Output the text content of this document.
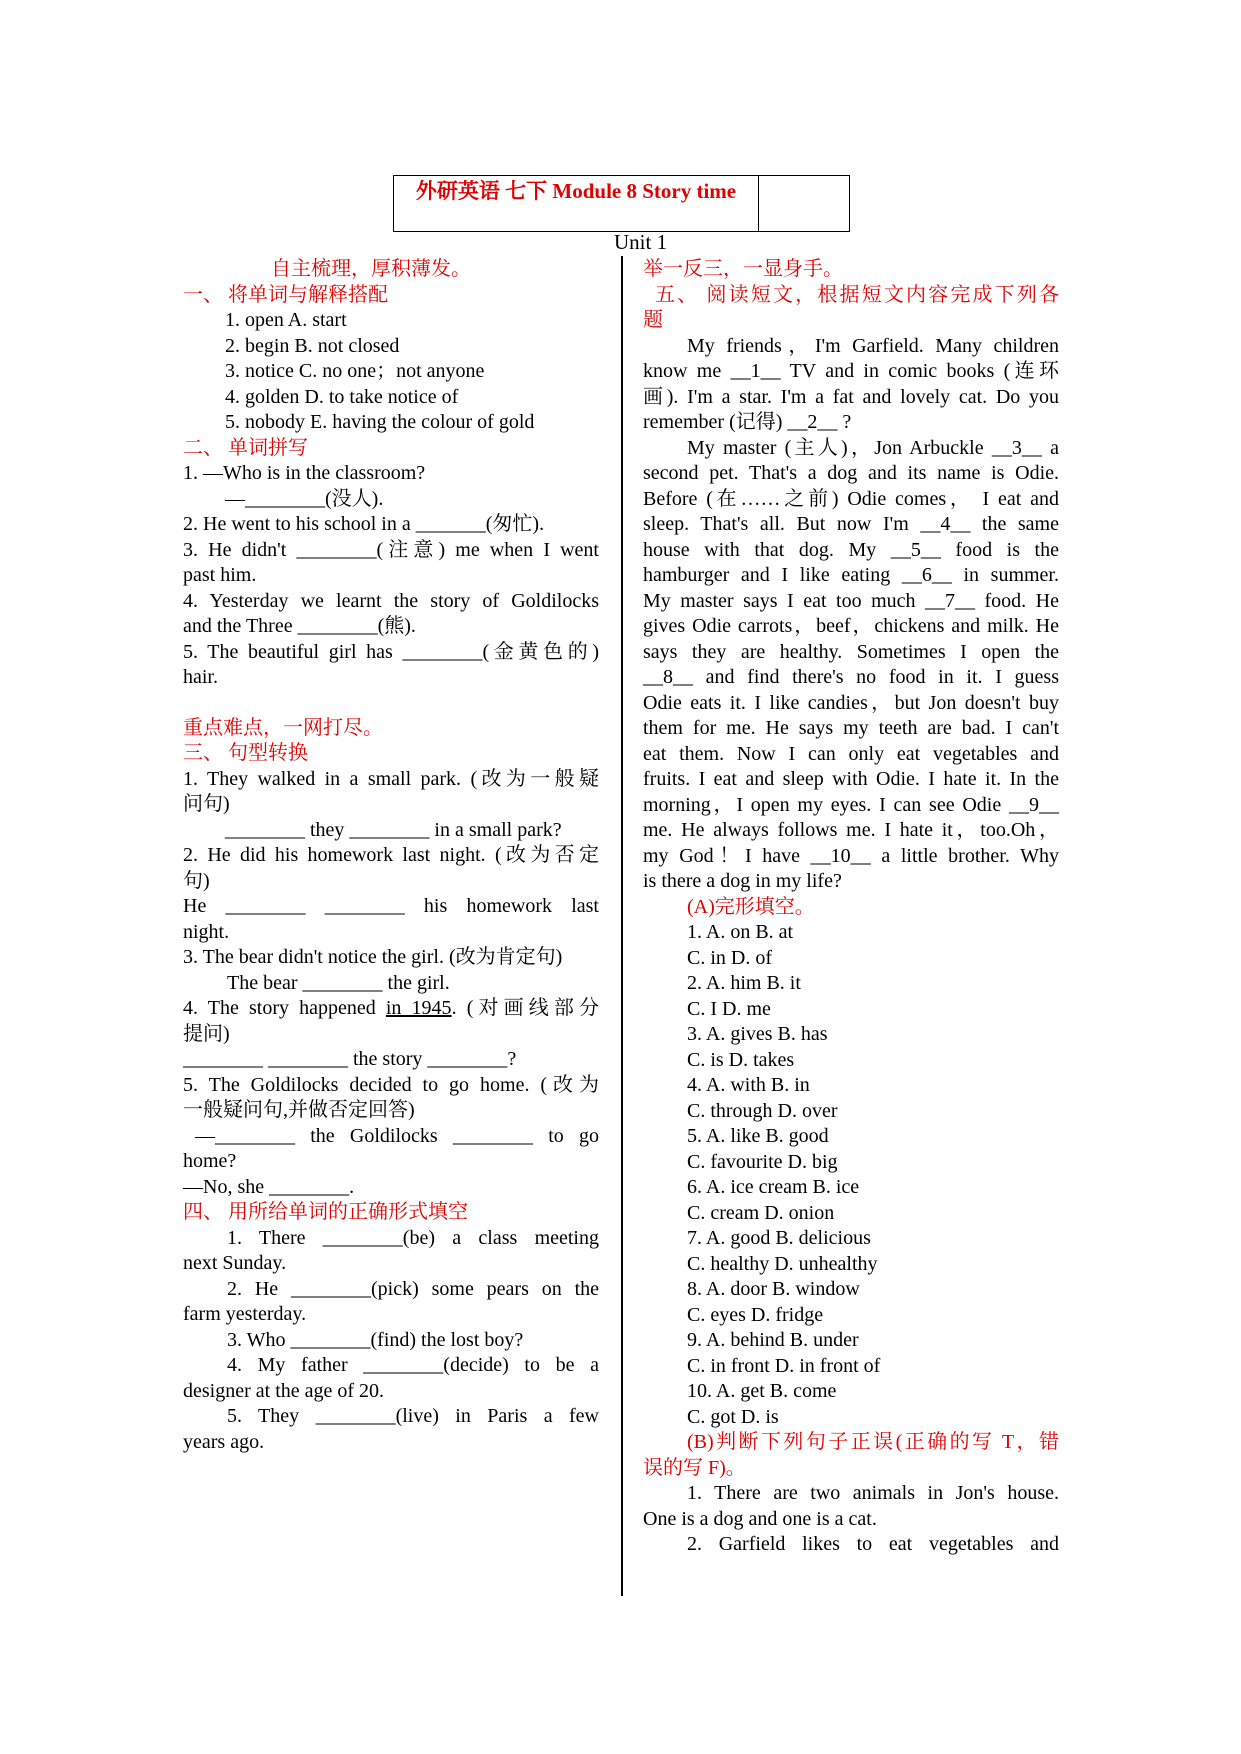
外研英语 七下 Module 8 Story time
Unit 1

自主梳理，厚积薄发。

一、 将单词与解释搭配

1. open A. start

2. begin B. not closed

3. notice C. no one；not anyone

4. golden D. to take notice of

5. nobody E. having the colour of gold

二、 单词拼写

1. —Who is in the classroom?

—________(没人).

2. He went to his school in a _______(匆忙).

3. He didn't ________(注意) me when I went

past him.

4. Yesterday we learnt the story of Goldilocks

and the Three ________(熊).

5. The beautiful girl has ________(金黄色的)

hair.

重点难点，一网打尽。

三、 句型转换

1. They walked in a small park. (改为一般疑

问句)

________ they ________ in a small park?

2. He did his homework last night. (改为否定

句)

He ________ ________ his homework last

night.

3. The bear didn't notice the girl. (改为肯定句)

The bear ________ the girl.

4. The story happened in 1945. (对画线部分

提问)

________ ________ the story ________?

5. The Goldilocks decided to go home. (改为

一般疑问句,并做否定回答)

—________ the Goldilocks ________ to go

home?

—No, she ________.

四、 用所给单词的正确形式填空

1. There ________(be) a class meeting

next Sunday.

2. He ________(pick) some pears on the

farm yesterday.

3. Who ________(find) the lost boy?

4. My father ________(decide) to be a

designer at the age of 20.

5. They ________(live) in Paris a few

years ago.

举一反三，一显身手。

五、 阅读短文，根据短文内容完成下列各

题

My friends，I'm Garfield. Many children

know me __1__ TV and in comic books (连环

画). I'm a star. I'm a fat and lovely cat. Do you

remember (记得) __2__ ?

My master (主人)，Jon Arbuckle __3__ a

second pet. That's a dog and its name is Odie.

Before (在……之前) Odie comes， I eat and

sleep. That's all. But now I'm __4__ the same

house with that dog. My __5__ food is the

hamburger and I like eating __6__ in summer.

My master says I eat too much __7__ food. He

gives Odie carrots，beef，chickens and milk. He

says they are healthy. Sometimes I open the

__8__ and find there's no food in it. I guess

Odie eats it. I like candies，but Jon doesn't buy

them for me. He says my teeth are bad. I can't

eat them. Now I can only eat vegetables and

fruits. I eat and sleep with Odie. I hate it. In the

morning，I open my eyes. I can see Odie __9__

me. He always follows me. I hate it，too.Oh，

my God！I have __10__ a little brother. Why

is there a dog in my life?

(A)完形填空。

1. A. on B. at

C. in D. of

2. A. him B. it

C. I D. me

3. A. gives B. has

C. is D. takes

4. A. with B. in

C. through D. over

5. A. like B. good

C. favourite D. big

6. A. ice cream B. ice

C. cream D. onion

7. A. good B. delicious

C. healthy D. unhealthy

8. A. door B. window

C. eyes D. fridge

9. A. behind B. under

C. in front D. in front of

10. A. get B. come

C. got D. is

(B)判断下列句子正误(正确的写 T，错

误的写 F)。

1. There are two animals in Jon's house.

One is a dog and one is a cat.

2. Garfield likes to eat vegetables and
